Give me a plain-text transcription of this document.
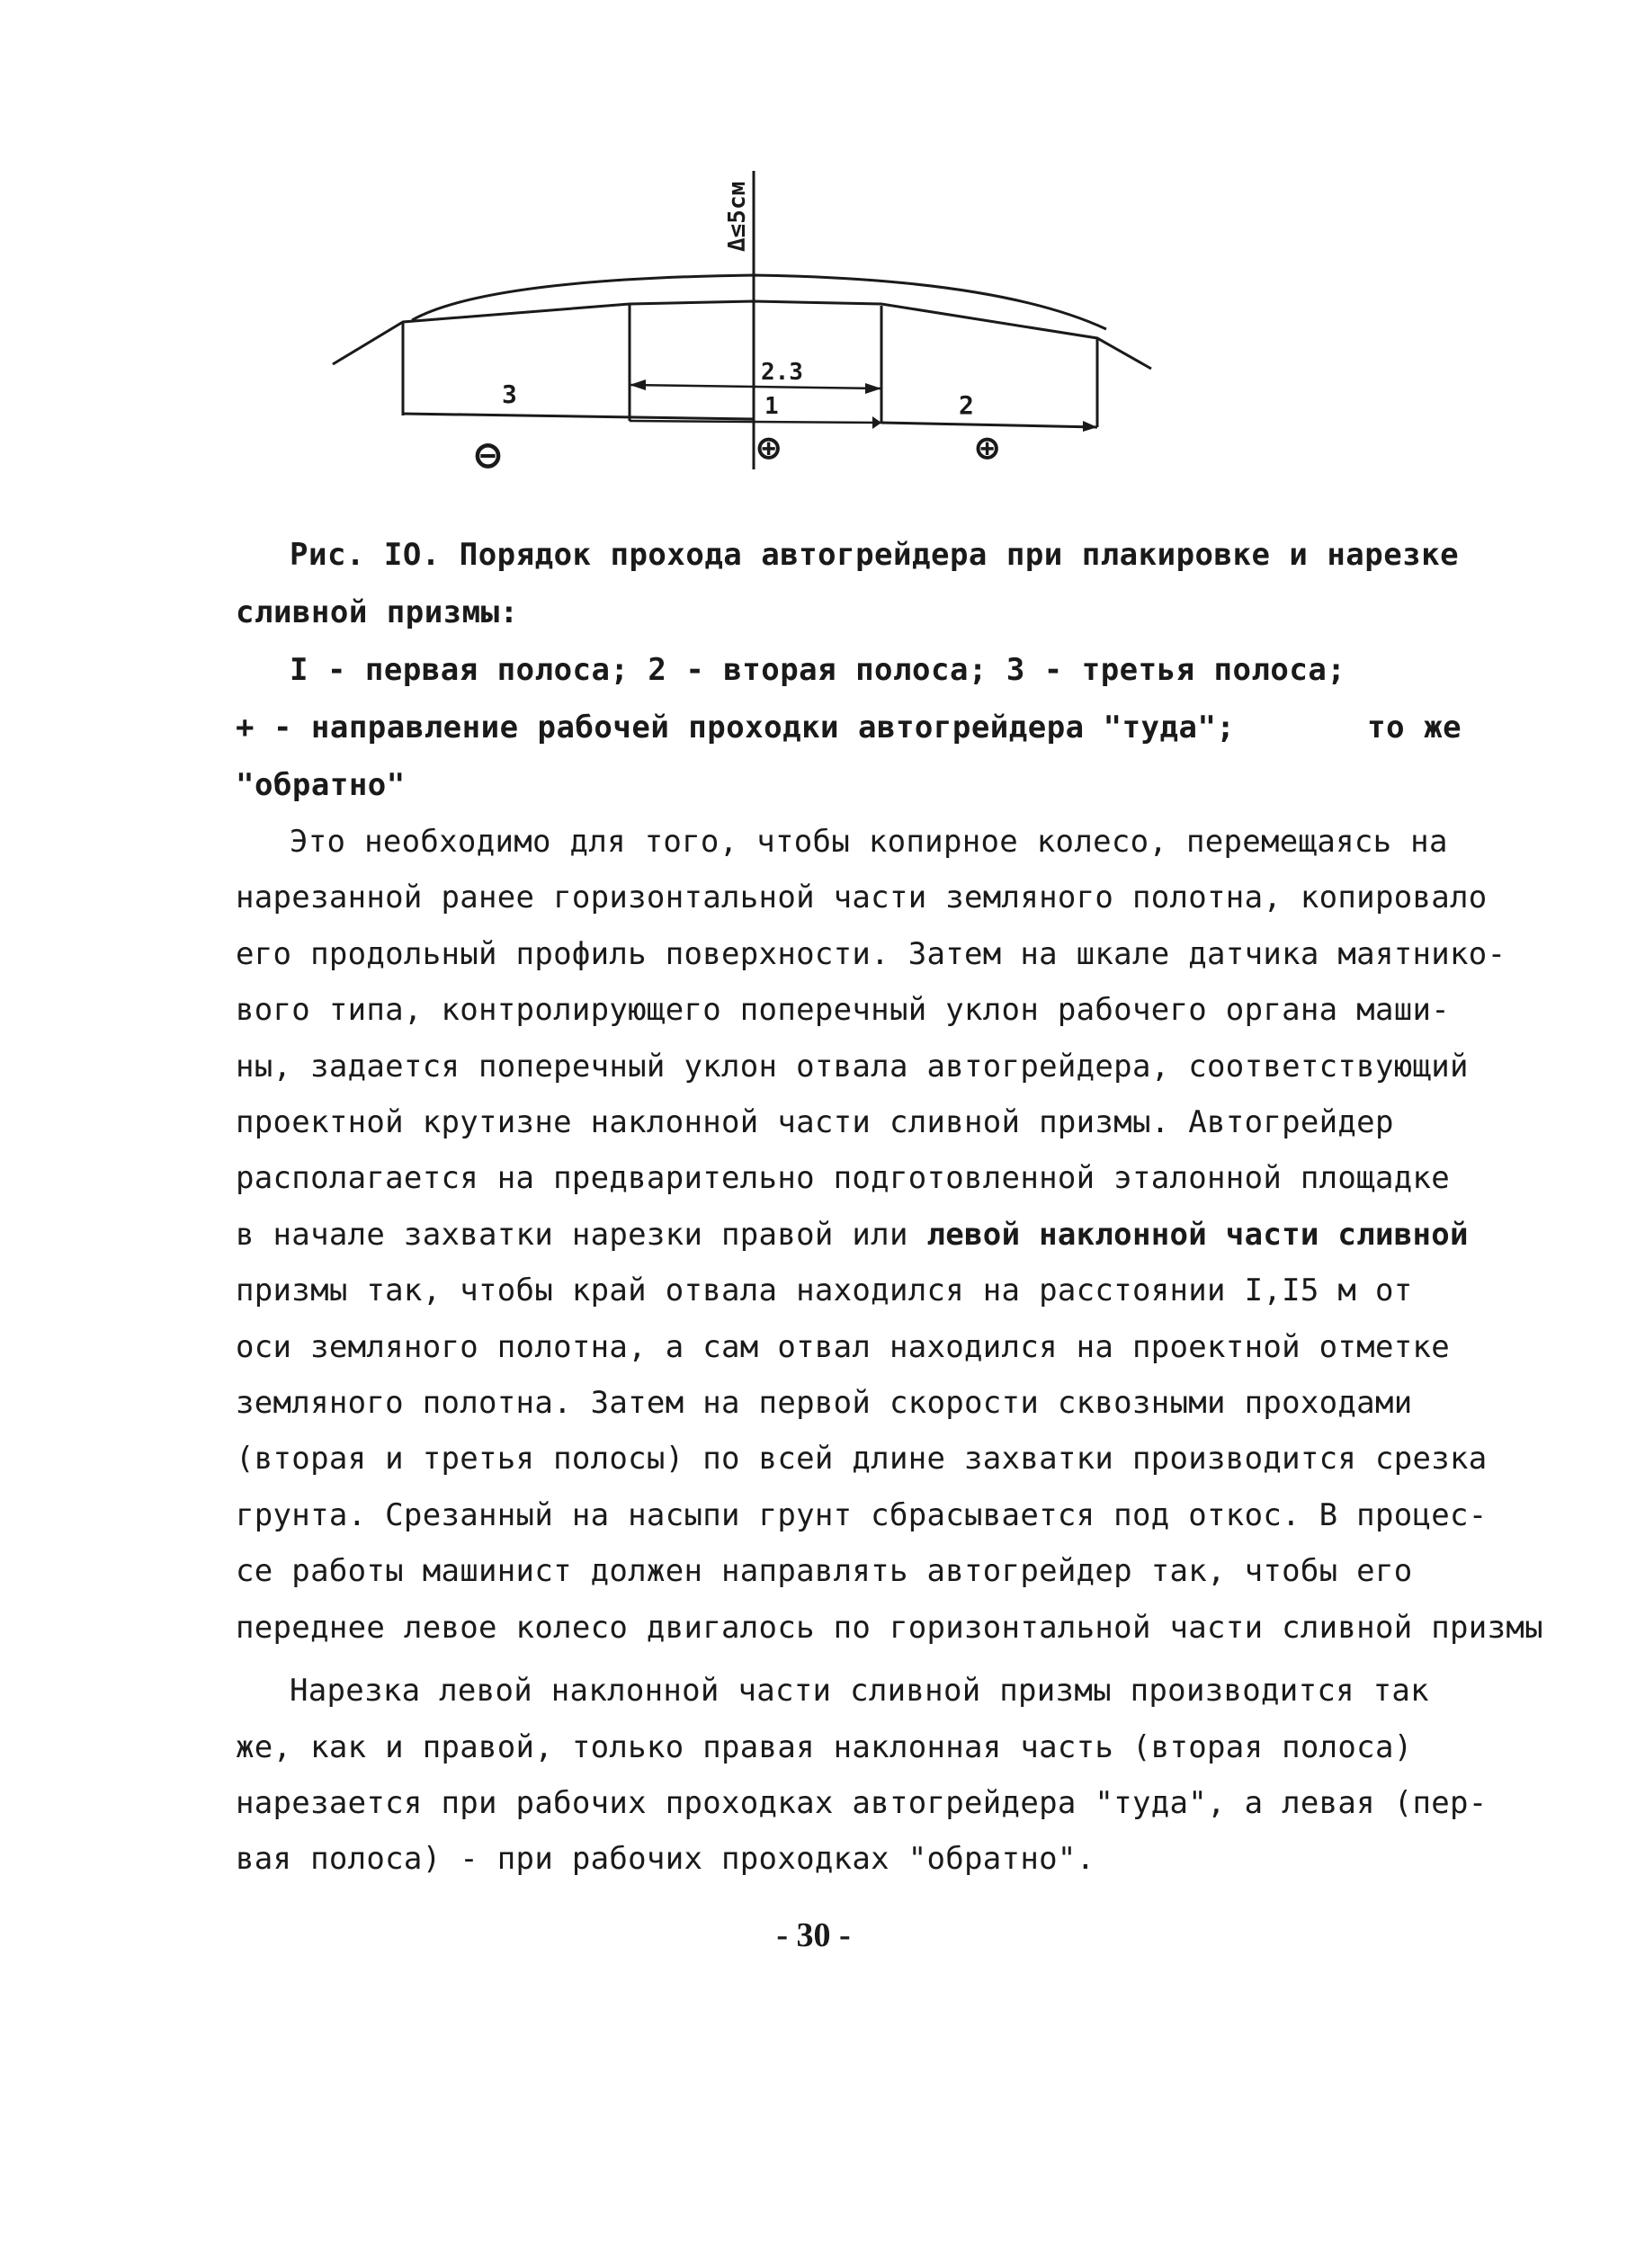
Δ≤5см
3
2.3
1	2
⊖	⊕	⊕
Рис. IO. Порядок прохода автогрейдера при плакировке и нарезке
сливной призмы:
I - первая полоса; 2 - вторая полоса; 3 - третья полоса;
+ - направление рабочей проходки автогрейдера "туда";       то же
"обратно"
Это необходимо для того, чтобы копирное колесо, перемещаясь на
нарезанной ранее горизонтальной части земляного полотна, копировало
его продольный профиль поверхности. Затем на шкале датчика маятнико-
вого типа, контролирующего поперечный уклон рабочего органа маши-
ны, задается поперечный уклон отвала автогрейдера, соответствующий
проектной крутизне наклонной части сливной призмы. Автогрейдер
располагается на предварительно подготовленной эталонной площадке
в начале захватки нарезки правой или левой наклонной части сливной
призмы так, чтобы край отвала находился на расстоянии I,I5 м от
оси земляного полотна, а сам отвал находился на проектной отметке
земляного полотна. Затем на первой скорости сквозными проходами
(вторая и третья полосы) по всей длине захватки производится срезка
грунта. Срезанный на насыпи грунт сбрасывается под откос. В процес-
се работы машинист должен направлять автогрейдер так, чтобы его
переднее левое колесо двигалось по горизонтальной части сливной призмы
Нарезка левой наклонной части сливной призмы производится так
же, как и правой, только правая наклонная часть (вторая полоса)
нарезается при рабочих проходках автогрейдера "туда", а левая (пер-
вая полоса) - при рабочих проходках "обратно".
- 30 -
